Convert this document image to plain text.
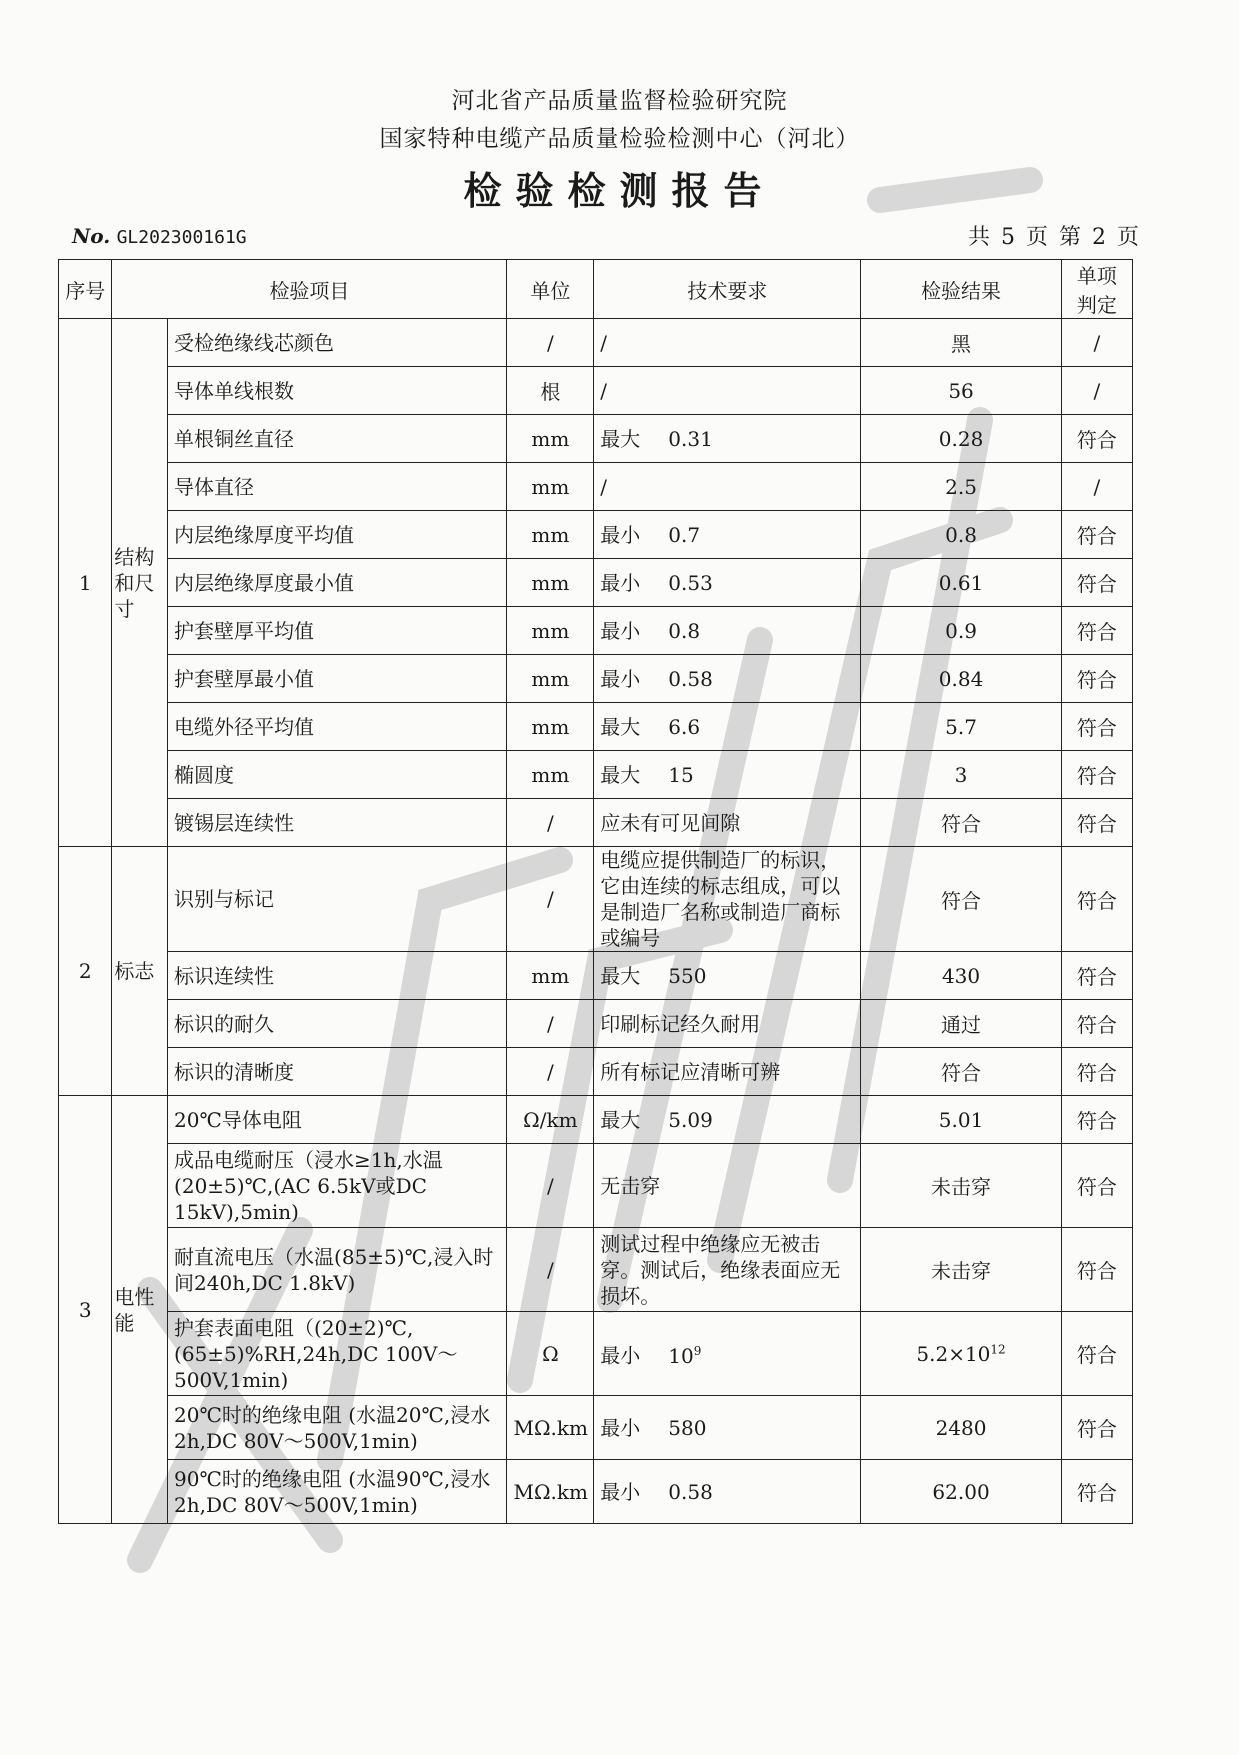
河北省产品质量监督检验研究院
国家特种电缆产品质量检验检测中心（河北）
检验检测报告
No. GL202300161G	共 5 页 第 2 页
序号	检验项目		单位	技术要求	检验结果	单项判定
1	结构和尺寸	受检绝缘线芯颜色	/	/	黑	/
		导体单线根数	根	/	56	/
		单根铜丝直径	mm	最大 0.31	0.28	符合
		导体直径	mm	/	2.5	/
		内层绝缘厚度平均值	mm	最小 0.7	0.8	符合
		内层绝缘厚度最小值	mm	最小 0.53	0.61	符合
		护套壁厚平均值	mm	最小 0.8	0.9	符合
		护套壁厚最小值	mm	最小 0.58	0.84	符合
		电缆外径平均值	mm	最大 6.6	5.7	符合
		椭圆度	mm	最大 15	3	符合
		镀锡层连续性	/	应未有可见间隙	符合	符合
2	标志	识别与标记	/	电缆应提供制造厂的标识，它由连续的标志组成，可以是制造厂名称或制造厂商标或编号	符合	符合
		标识连续性	mm	最大 550	430	符合
		标识的耐久	/	印刷标记经久耐用	通过	符合
		标识的清晰度	/	所有标记应清晰可辨	符合	符合
3	电性能	20℃导体电阻	Ω/km	最大 5.09	5.01	符合
		成品电缆耐压（浸水≥1h,水温(20±5)℃,(AC 6.5kV或DC 15kV),5min)	/	无击穿	未击穿	符合
		耐直流电压（水温(85±5)℃,浸入时间240h,DC 1.8kV)	/	测试过程中绝缘应无被击穿。测试后，绝缘表面应无损坏。	未击穿	符合
		护套表面电阻（(20±2)℃,(65±5)%RH,24h,DC 100V～500V,1min)	Ω	最小 $10^9$	$5.2\times 10^{12}$	符合
		20℃时的绝缘电阻 (水温20℃,浸水2h,DC 80V～500V,1min)	MΩ.km	最小 580	2480	符合
		90℃时的绝缘电阻 (水温90℃,浸水2h,DC 80V～500V,1min)	MΩ.km	最小 0.58	62.00	符合
